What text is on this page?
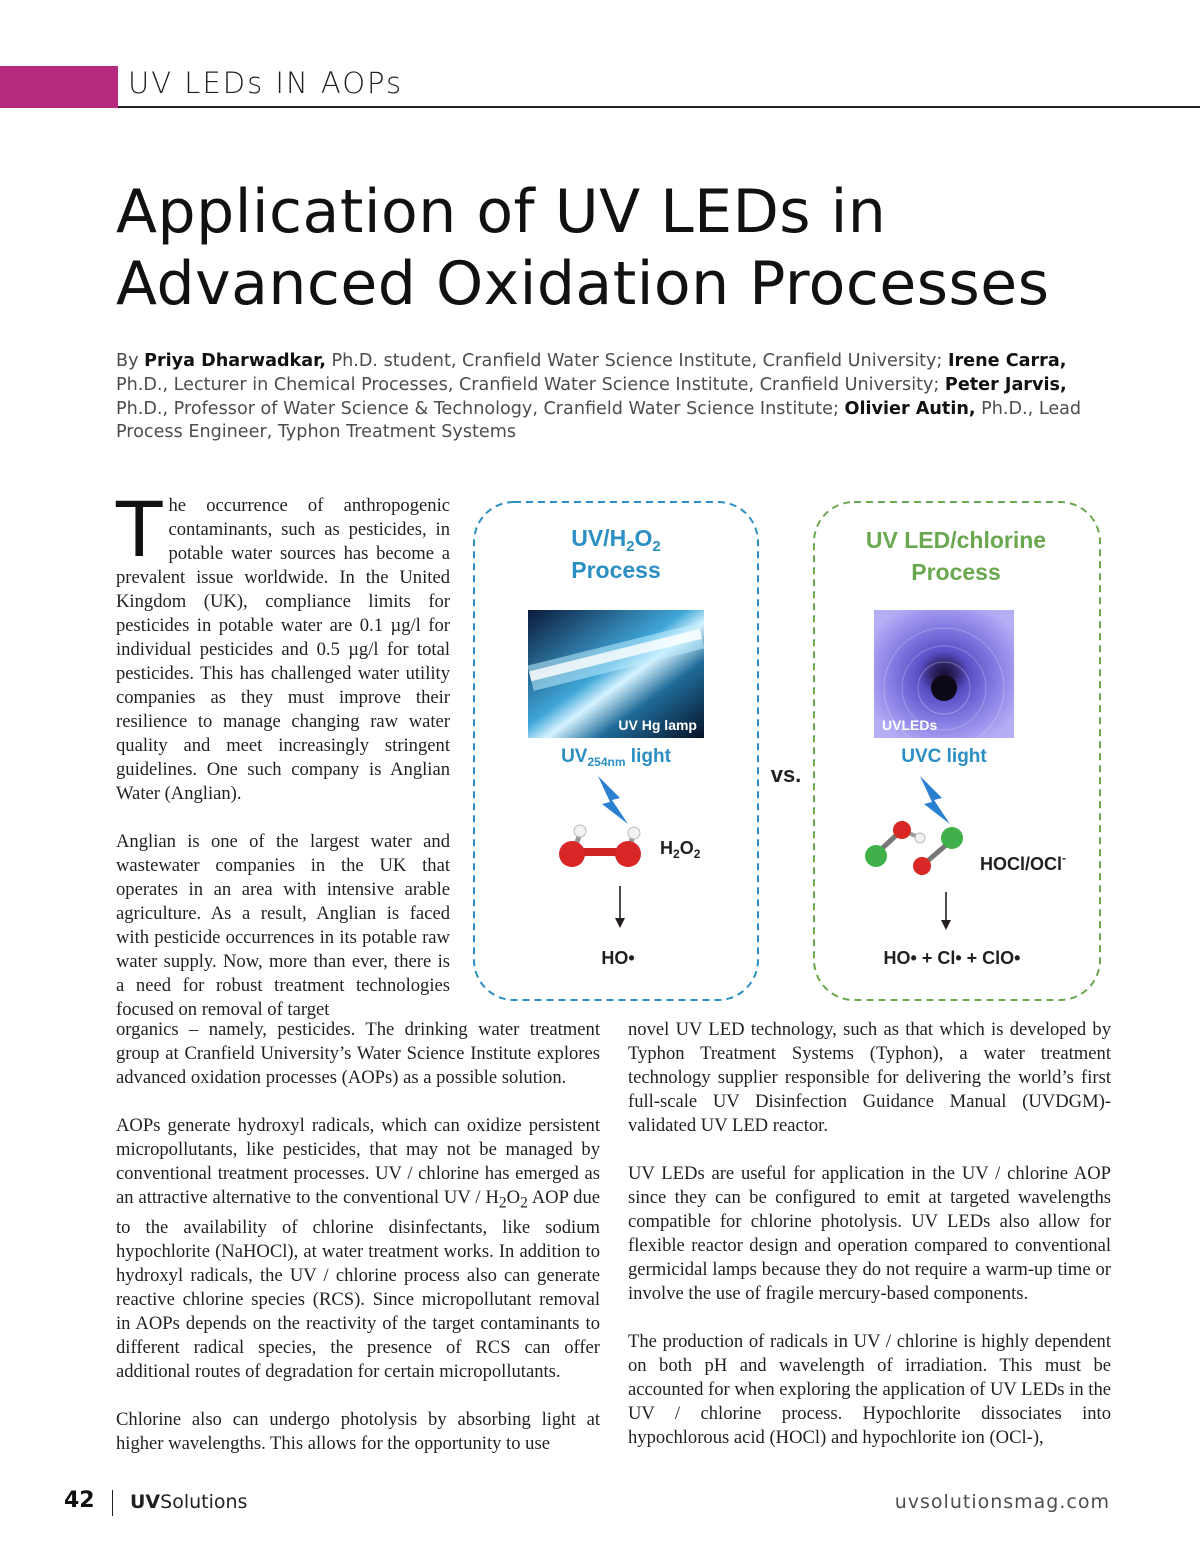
UV LEDs IN AOPs
Application of UV LEDs in
Advanced Oxidation Processes
By Priya Dharwadkar, Ph.D. student, Cranfield Water Science Institute, Cranfield University; Irene Carra, Ph.D., Lecturer in Chemical Processes, Cranfield Water Science Institute, Cranfield University; Peter Jarvis, Ph.D., Professor of Water Science & Technology, Cranfield Water Science Institute; Olivier Autin, Ph.D., Lead Process Engineer, Typhon Treatment Systems

The occurrence of anthropogenic contaminants, such as pesticides, in potable water sources has become a prevalent issue worldwide. In the United Kingdom (UK), compliance limits for pesticides in potable water are 0.1 µg/l for individual pesticides and 0.5 µg/l for total pesticides. This has challenged water utility companies as they must improve their resilience to manage changing raw water quality and meet increasingly stringent guidelines. One such company is Anglian Water (Anglian).

Anglian is one of the largest water and wastewater companies in the UK that operates in an area with intensive arable agriculture. As a result, Anglian is faced with pesticide occurrences in its potable raw water supply. Now, more than ever, there is a need for robust treatment technologies focused on removal of target

$UV/H_2O_2$
Process
UV LED/chlorine
Process
UV Hg lamp	UVLEDs
$UV_{254nm}$ light	UVC light
vs.
$H_2O_2$	HOCl/OCl-
HO•	HO• + Cl• + ClO•

organics – namely, pesticides. The drinking water treatment group at Cranfield University’s Water Science Institute explores advanced oxidation processes (AOPs) as a possible solution.

AOPs generate hydroxyl radicals, which can oxidize persistent micropollutants, like pesticides, that may not be managed by conventional treatment processes. UV / chlorine has emerged as an attractive alternative to the conventional UV / $H_2O_2$ AOP due to the availability of chlorine disinfectants, like sodium hypochlorite (NaHOCl), at water treatment works. In addition to hydroxyl radicals, the UV / chlorine process also can generate reactive chlorine species (RCS). Since micropollutant removal in AOPs depends on the reactivity of the target contaminants to different radical species, the presence of RCS can offer additional routes of degradation for certain micropollutants.

Chlorine also can undergo photolysis by absorbing light at higher wavelengths. This allows for the opportunity to use

novel UV LED technology, such as that which is developed by Typhon Treatment Systems (Typhon), a water treatment technology supplier responsible for delivering the world’s first full-scale UV Disinfection Guidance Manual (UVDGM)-validated UV LED reactor.

UV LEDs are useful for application in the UV / chlorine AOP since they can be configured to emit at targeted wavelengths compatible for chlorine photolysis. UV LEDs also allow for flexible reactor design and operation compared to conventional germicidal lamps because they do not require a warm-up time or involve the use of fragile mercury-based components.

The production of radicals in UV / chlorine is highly dependent on both pH and wavelength of irradiation. This must be accounted for when exploring the application of UV LEDs in the UV / chlorine process. Hypochlorite dissociates into hypochlorous acid (HOCl) and hypochlorite ion (OCl-),

42 UVSolutions	uvsolutionsmag.com
